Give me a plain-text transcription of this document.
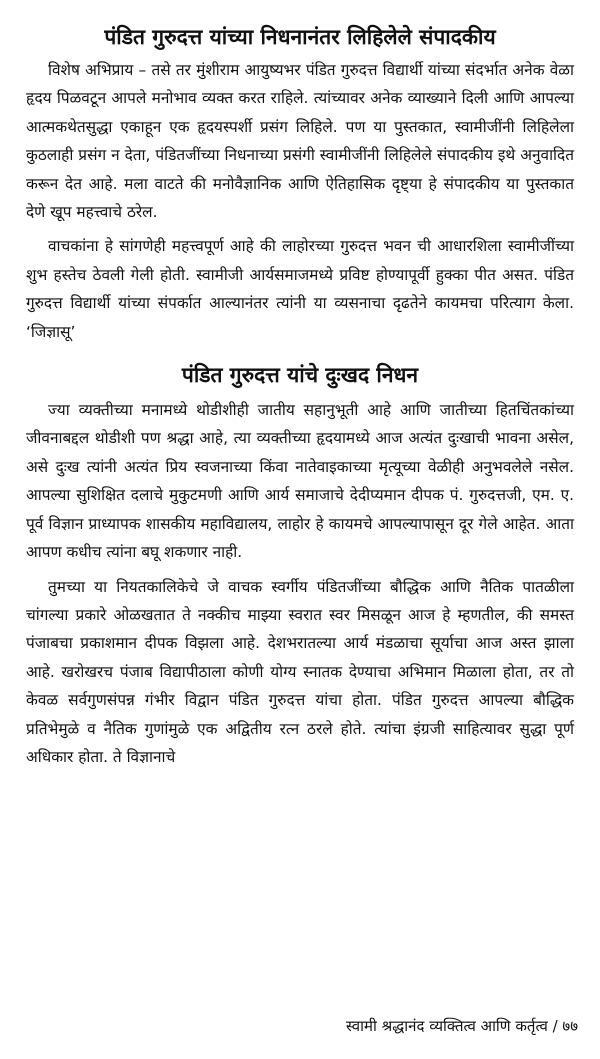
पंडित गुरुदत्त यांच्या निधनानंतर लिहिलेले संपादकीय

विशेष अभिप्राय – तसे तर मुंशीराम आयुष्यभर पंडित गुरुदत्त विद्यार्थी यांच्या संदर्भात अनेक वेळा हृदय पिळवटून आपले मनोभाव व्यक्त करत राहिले. त्यांच्यावर अनेक व्याख्याने दिली आणि आपल्या आत्मकथेतसुद्धा एकाहून एक हृदयस्पर्शी प्रसंग लिहिले. पण या पुस्तकात, स्वामीजींनी लिहिलेला कुठलाही प्रसंग न देता, पंडितजींच्या निधनाच्या प्रसंगी स्वामीजींनी लिहिलेले संपादकीय इथे अनुवादित करून देत आहे. मला वाटते की मनोवैज्ञानिक आणि ऐतिहासिक दृष्ट्या हे संपादकीय या पुस्तकात देणे खूप महत्त्वाचे ठरेल.

वाचकांना हे सांगणेही महत्त्वपूर्ण आहे की लाहोरच्या गुरुदत्त भवन ची आधारशिला स्वामीजींच्या शुभ हस्तेच ठेवली गेली होती. स्वामीजी आर्यसमाजमध्ये प्रविष्ट होण्यापूर्वी हुक्का पीत असत. पंडित गुरुदत्त विद्यार्थी यांच्या संपर्कात आल्यानंतर त्यांनी या व्यसनाचा दृढतेने कायमचा परित्याग केला. ‘जिज्ञासू’

पंडित गुरुदत्त यांचे दुःखद निधन

ज्या व्यक्तीच्या मनामध्ये थोडीशीही जातीय सहानुभूती आहे आणि जातीच्या हितचिंतकांच्या जीवनाबद्दल थोडीशी पण श्रद्धा आहे, त्या व्यक्तीच्या हृदयामध्ये आज अत्यंत दुःखाची भावना असेल, असे दुःख त्यांनी अत्यंत प्रिय स्वजनाच्या किंवा नातेवाइकाच्या मृत्यूच्या वेळीही अनुभवलेले नसेल. आपल्या सुशिक्षित दलाचे मुकुटमणी आणि आर्य समाजाचे देदीप्यमान दीपक पं. गुरुदत्तजी, एम. ए. पूर्व विज्ञान प्राध्यापक शासकीय महाविद्यालय, लाहोर हे कायमचे आपल्यापासून दूर गेले आहेत. आता आपण कधीच त्यांना बघू शकणार नाही.

तुमच्या या नियतकालिकेचे जे वाचक स्वर्गीय पंडितजींच्या बौद्धिक आणि नैतिक पातळीला चांगल्या प्रकारे ओळखतात ते नक्कीच माझ्या स्वरात स्वर मिसळून आज हे म्हणतील, की समस्त पंजाबचा प्रकाशमान दीपक विझला आहे. देशभरातल्या आर्य मंडळाचा सूर्याचा आज अस्त झाला आहे. खरोखरच पंजाब विद्यापीठाला कोणी योग्य स्नातक देण्याचा अभिमान मिळाला होता, तर तो केवळ सर्वगुणसंपन्न गंभीर विद्वान पंडित गुरुदत्त यांचा होता. पंडित गुरुदत्त आपल्या बौद्धिक प्रतिभेमुळे व नैतिक गुणांमुळे एक अद्वितीय रत्न ठरले होते. त्यांचा इंग्रजी साहित्यावर सुद्धा पूर्ण अधिकार होता. ते विज्ञानाचे

स्वामी श्रद्धानंद व्यक्तित्व आणि कर्तृत्व / ७७
